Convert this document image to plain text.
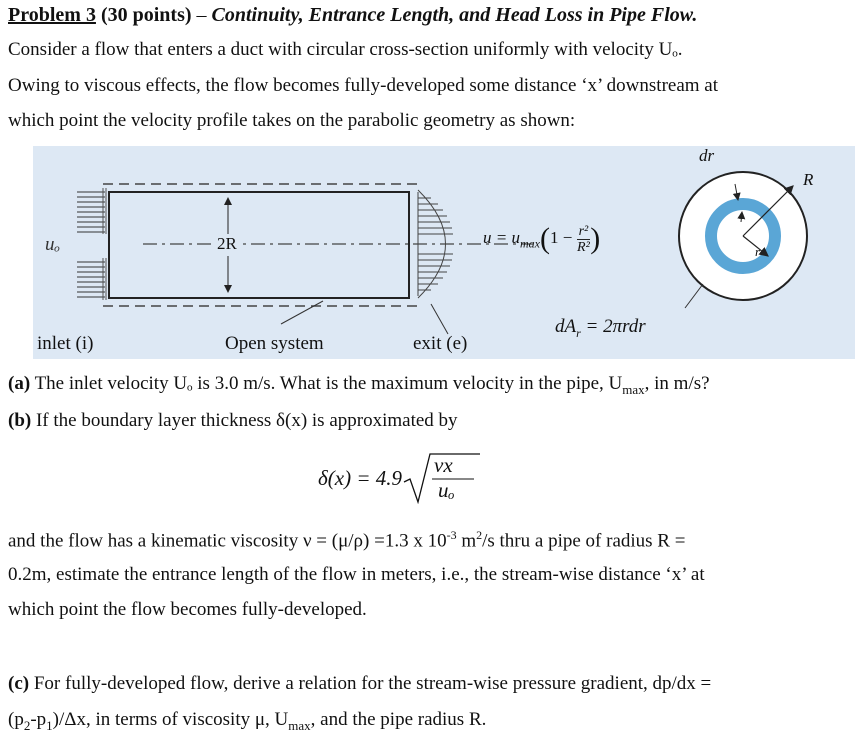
Problem 3 (30 points) – Continuity, Entrance Length, and Head Loss in Pipe Flow.
Consider a flow that enters a duct with circular cross-section uniformly with velocity Uₒ.
Owing to viscous effects, the flow becomes fully-developed some distance ‘x’ downstream at
which point the velocity profile takes on the parabolic geometry as shown:
uₒ	2R	$u = u_{max}(1 - \frac{\text{r²}}{\text{R²}}$ )
dr
R
r
$dA_r = 2\pi rdr$
inlet (i)	Open system	exit (e)
(a) The inlet velocity Uₒ is 3.0 m/s. What is the maximum velocity in the pipe, $U_{max}$, in m/s?
(b) If the boundary layer thickness δ(x) is approximated by
δ(x) = 4.9
νx
uₒ
and the flow has a kinematic viscosity ν = (μ/ρ) =1.3 x $10^{-3}$ $m^2/s$ thru a pipe of radius R =
0.2m, estimate the entrance length of the flow in meters, i.e., the stream-wise distance ‘x’ at
which point the flow becomes fully-developed.
(c) For fully-developed flow, derive a relation for the stream-wise pressure gradient, dp/dx =
$(p_2-p_1)/\Delta x$, in terms of viscosity μ, $U_{max}$, and the pipe radius R.
